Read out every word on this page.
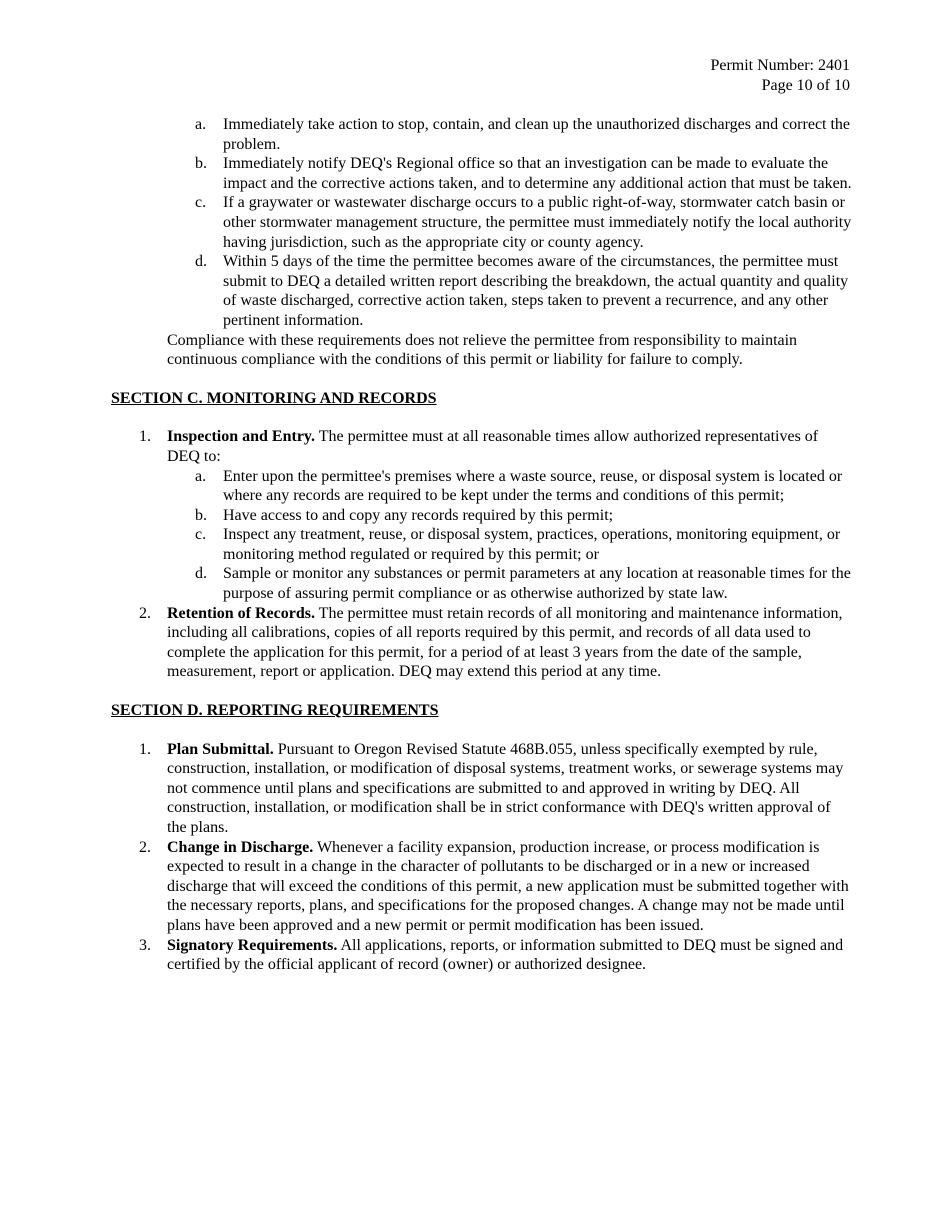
Permit Number: 2401
Page 10 of 10
a. Immediately take action to stop, contain, and clean up the unauthorized discharges and correct the problem.
b. Immediately notify DEQ's Regional office so that an investigation can be made to evaluate the impact and the corrective actions taken, and to determine any additional action that must be taken.
c. If a graywater or wastewater discharge occurs to a public right-of-way, stormwater catch basin or other stormwater management structure, the permittee must immediately notify the local authority having jurisdiction, such as the appropriate city or county agency.
d. Within 5 days of the time the permittee becomes aware of the circumstances, the permittee must submit to DEQ a detailed written report describing the breakdown, the actual quantity and quality of waste discharged, corrective action taken, steps taken to prevent a recurrence, and any other pertinent information.

Compliance with these requirements does not relieve the permittee from responsibility to maintain continuous compliance with the conditions of this permit or liability for failure to comply.

SECTION C. MONITORING AND RECORDS
1. Inspection and Entry. The permittee must at all reasonable times allow authorized representatives of DEQ to:
a. Enter upon the permittee's premises where a waste source, reuse, or disposal system is located or where any records are required to be kept under the terms and conditions of this permit;
b. Have access to and copy any records required by this permit;
c. Inspect any treatment, reuse, or disposal system, practices, operations, monitoring equipment, or monitoring method regulated or required by this permit; or
d. Sample or monitor any substances or permit parameters at any location at reasonable times for the purpose of assuring permit compliance or as otherwise authorized by state law.
2. Retention of Records. The permittee must retain records of all monitoring and maintenance information, including all calibrations, copies of all reports required by this permit, and records of all data used to complete the application for this permit, for a period of at least 3 years from the date of the sample, measurement, report or application. DEQ may extend this period at any time.
SECTION D. REPORTING REQUIREMENTS
1. Plan Submittal. Pursuant to Oregon Revised Statute 468B.055, unless specifically exempted by rule, construction, installation, or modification of disposal systems, treatment works, or sewerage systems may not commence until plans and specifications are submitted to and approved in writing by DEQ. All construction, installation, or modification shall be in strict conformance with DEQ's written approval of the plans.
2. Change in Discharge. Whenever a facility expansion, production increase, or process modification is expected to result in a change in the character of pollutants to be discharged or in a new or increased discharge that will exceed the conditions of this permit, a new application must be submitted together with the necessary reports, plans, and specifications for the proposed changes. A change may not be made until plans have been approved and a new permit or permit modification has been issued.
3. Signatory Requirements. All applications, reports, or information submitted to DEQ must be signed and certified by the official applicant of record (owner) or authorized designee.
